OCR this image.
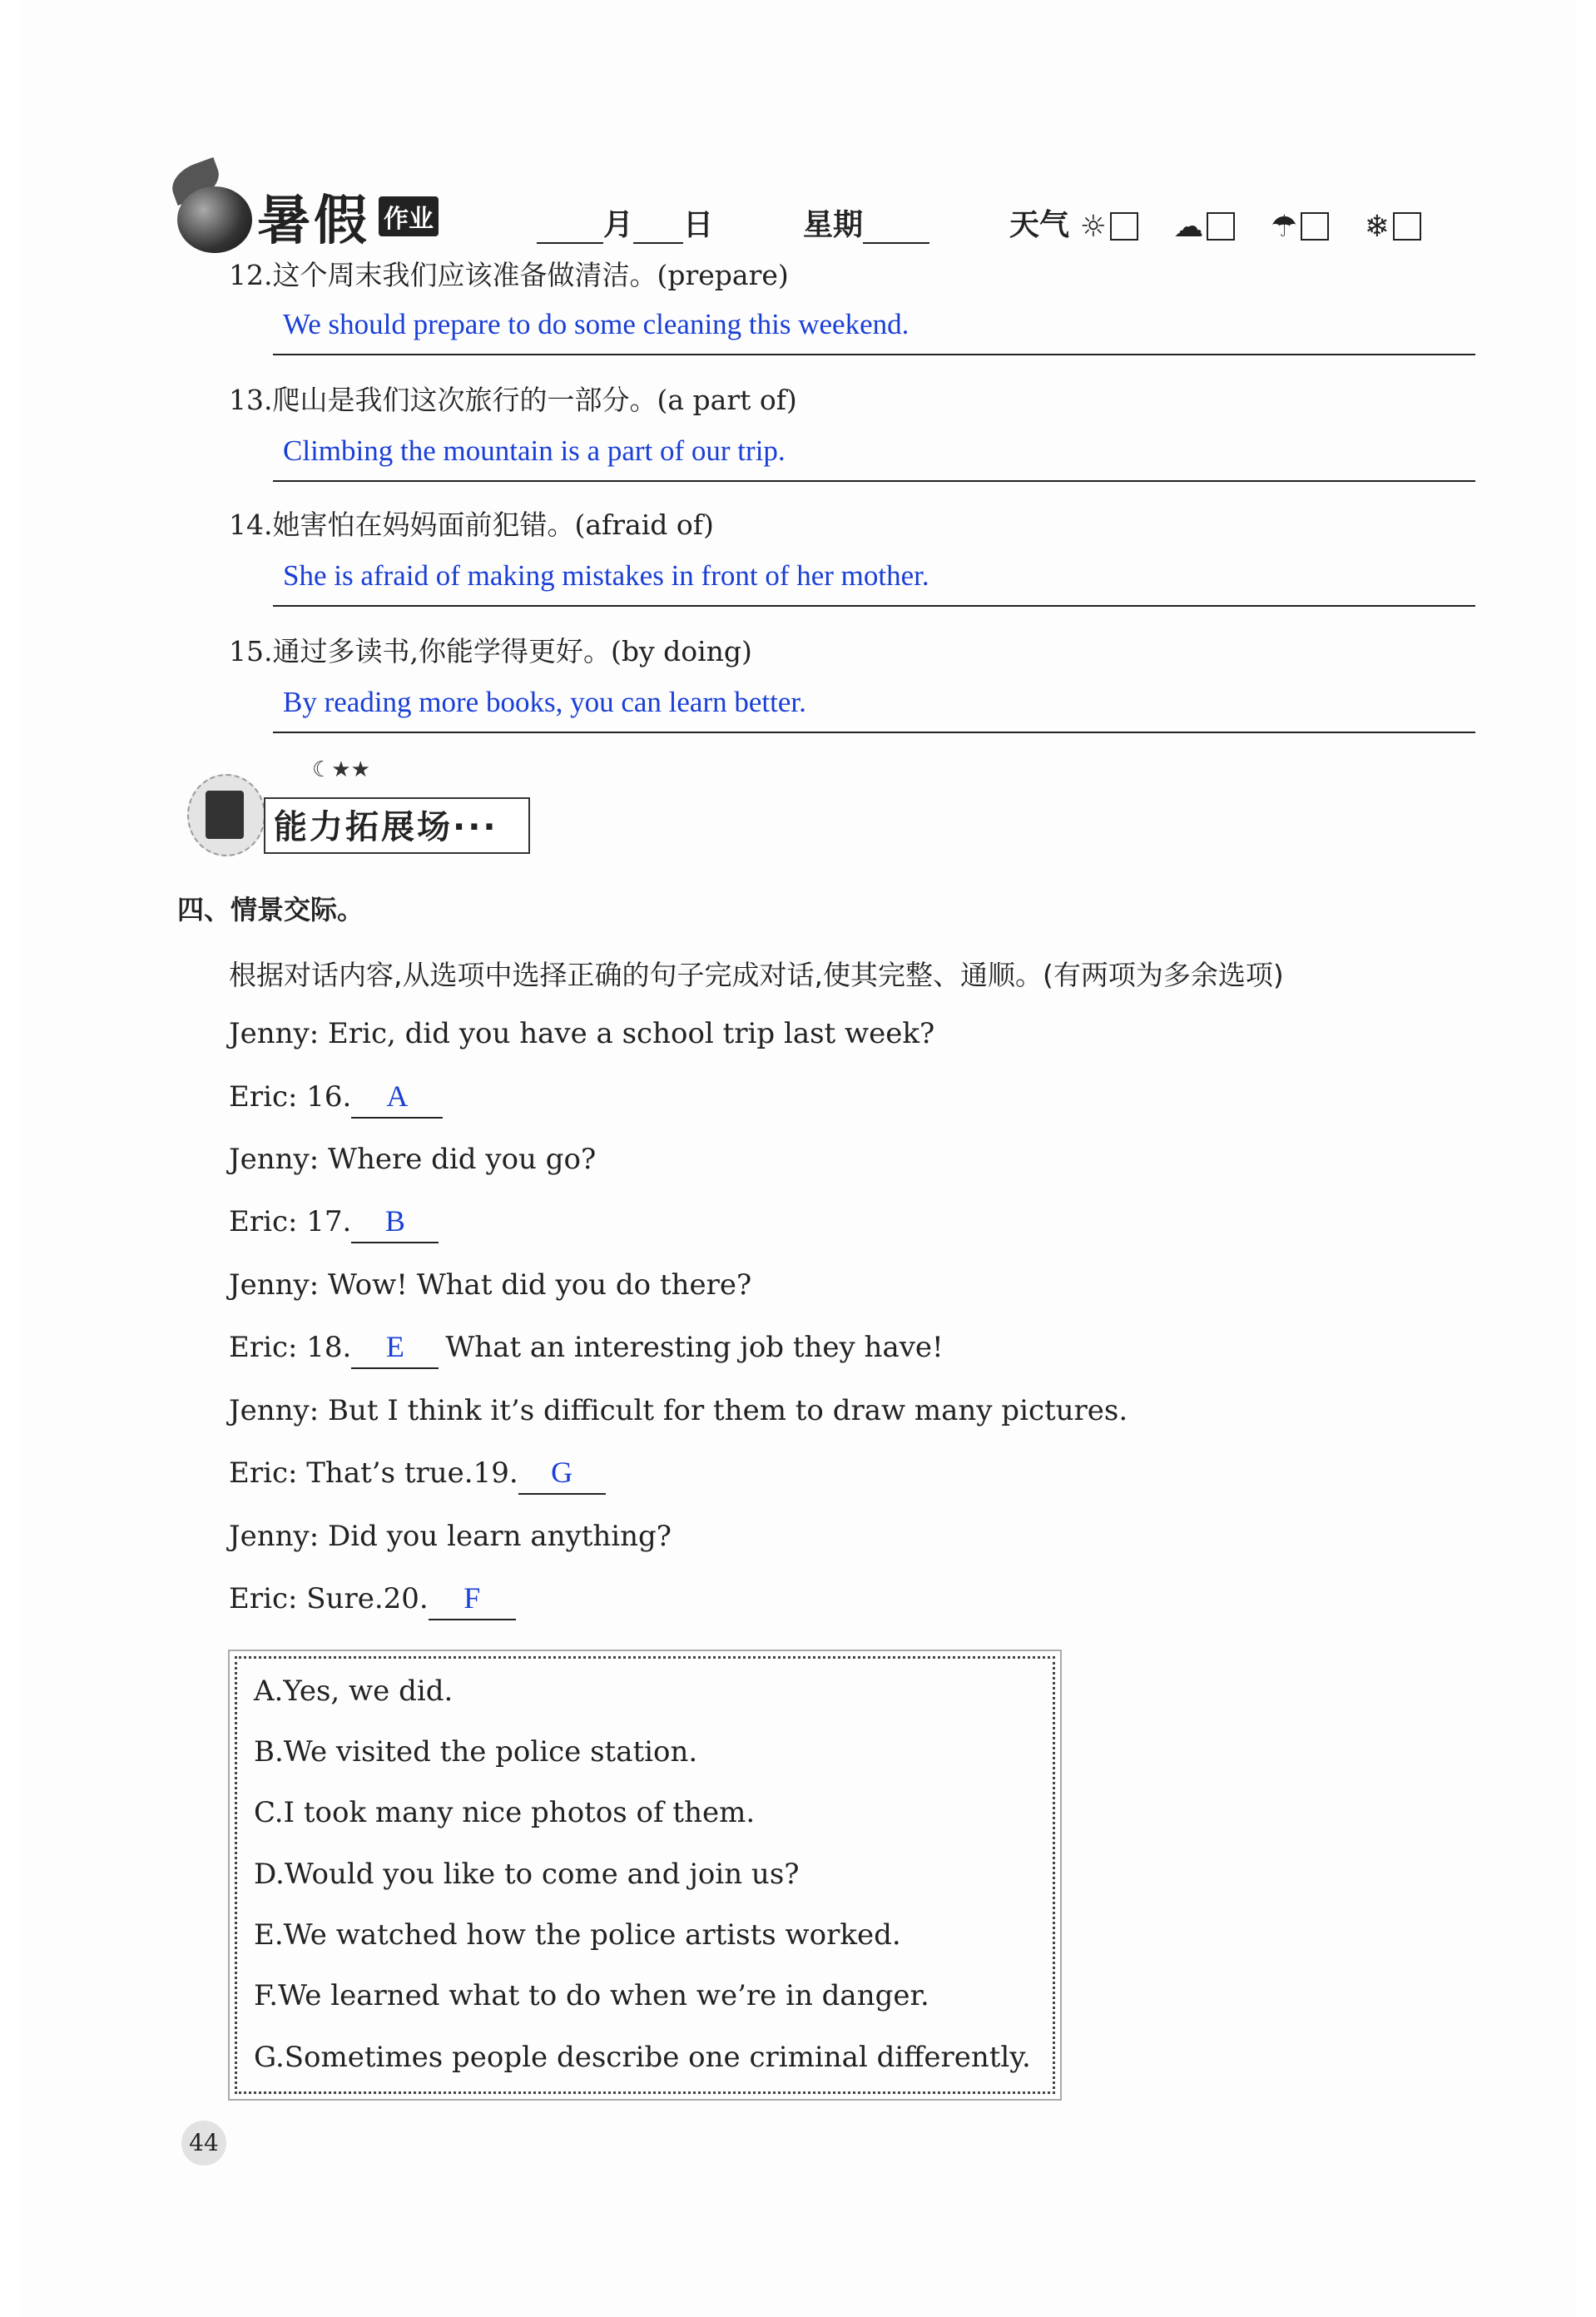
暑假 作业	月 日	星期	天气 ☼ ☁ ☂ ❄
12.这个周末我们应该准备做清洁。(prepare)
We should prepare to do some cleaning this weekend.
13.爬山是我们这次旅行的一部分。(a part of)
Climbing the mountain is a part of our trip.
14.她害怕在妈妈面前犯错。(afraid of)
She is afraid of making mistakes in front of her mother.
15.通过多读书,你能学得更好。(by doing)
By reading more books, you can learn better.
☾★★
能力拓展场···
四、情景交际。
根据对话内容,从选项中选择正确的句子完成对话,使其完整、通顺。(有两项为多余选项)
Jenny: Eric, did you have a school trip last week?
Eric: 16. A
Jenny: Where did you go?
Eric: 17. B
Jenny: Wow! What did you do there?
Eric: 18. E What an interesting job they have!
Jenny: But I think it’s difficult for them to draw many pictures.
Eric: That’s true.19. G
Jenny: Did you learn anything?
Eric: Sure.20. F
A.Yes, we did.
B.We visited the police station.
C.I took many nice photos of them.
D.Would you like to come and join us?
E.We watched how the police artists worked.
F.We learned what to do when we’re in danger.
G.Sometimes people describe one criminal differently.
44
